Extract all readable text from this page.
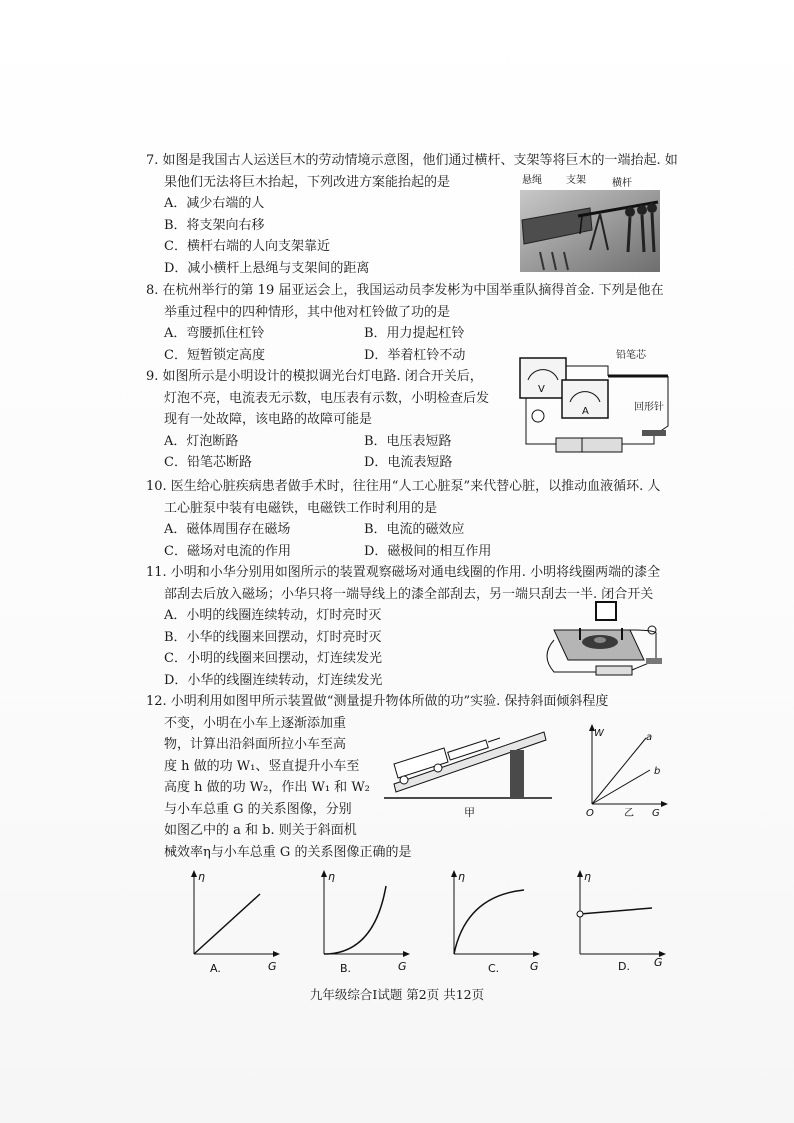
7. 如图是我国古人运送巨木的劳动情境示意图，他们通过横杆、支架等将巨木的一端抬起. 如
果他们无法将巨木抬起，下列改进方案能抬起的是
A．减少右端的人
B．将支架向右移
C．横杆右端的人向支架靠近
D．减小横杆上悬绳与支架间的距离
悬绳 支架	横杆
8. 在杭州举行的第 19 届亚运会上，我国运动员李发彬为中国举重队摘得首金. 下列是他在
举重过程中的四种情形，其中他对杠铃做了功的是
A．弯腰抓住杠铃	B．用力提起杠铃
C．短暂锁定高度	D．举着杠铃不动
9. 如图所示是小明设计的模拟调光台灯电路. 闭合开关后，
灯泡不亮，电流表无示数，电压表有示数，小明检查后发
现有一处故障，该电路的故障可能是
A．灯泡断路	B．电压表短路
C．铅笔芯断路	D．电流表短路
V
A
铅笔芯
回形针
10. 医生给心脏疾病患者做手术时，往往用“人工心脏泵”来代替心脏，以推动血液循环. 人
工心脏泵中装有电磁铁，电磁铁工作时利用的是
A．磁体周围存在磁场	B．电流的磁效应
C．磁场对电流的作用	D．磁极间的相互作用
11. 小明和小华分别用如图所示的装置观察磁场对通电线圈的作用. 小明将线圈两端的漆全
部刮去后放入磁场；小华只将一端导线上的漆全部刮去，另一端只刮去一半. 闭合开关
A．小明的线圈连续转动，灯时亮时灭
B．小华的线圈来回摆动，灯时亮时灭
C．小明的线圈来回摆动，灯连续发光
D．小华的线圈连续转动，灯连续发光
12. 小明利用如图甲所示装置做“测量提升物体所做的功”实验. 保持斜面倾斜程度
不变，小明在小车上逐渐添加重
物，计算出沿斜面所拉小车至高
度 h 做的功 W₁、竖直提升小车至
高度 h 做的功 W₂，作出 W₁ 和 W₂
与小车总重 G 的关系图像，分别
如图乙中的 a 和 b. 则关于斜面机
械效率η与小车总重 G 的关系图像正确的是
甲
W	a
b
O	乙 G
η
A.	G
η
B.	G
η
C.	G
η
D. G
九年级综合Ⅰ试题 第2页 共12页
